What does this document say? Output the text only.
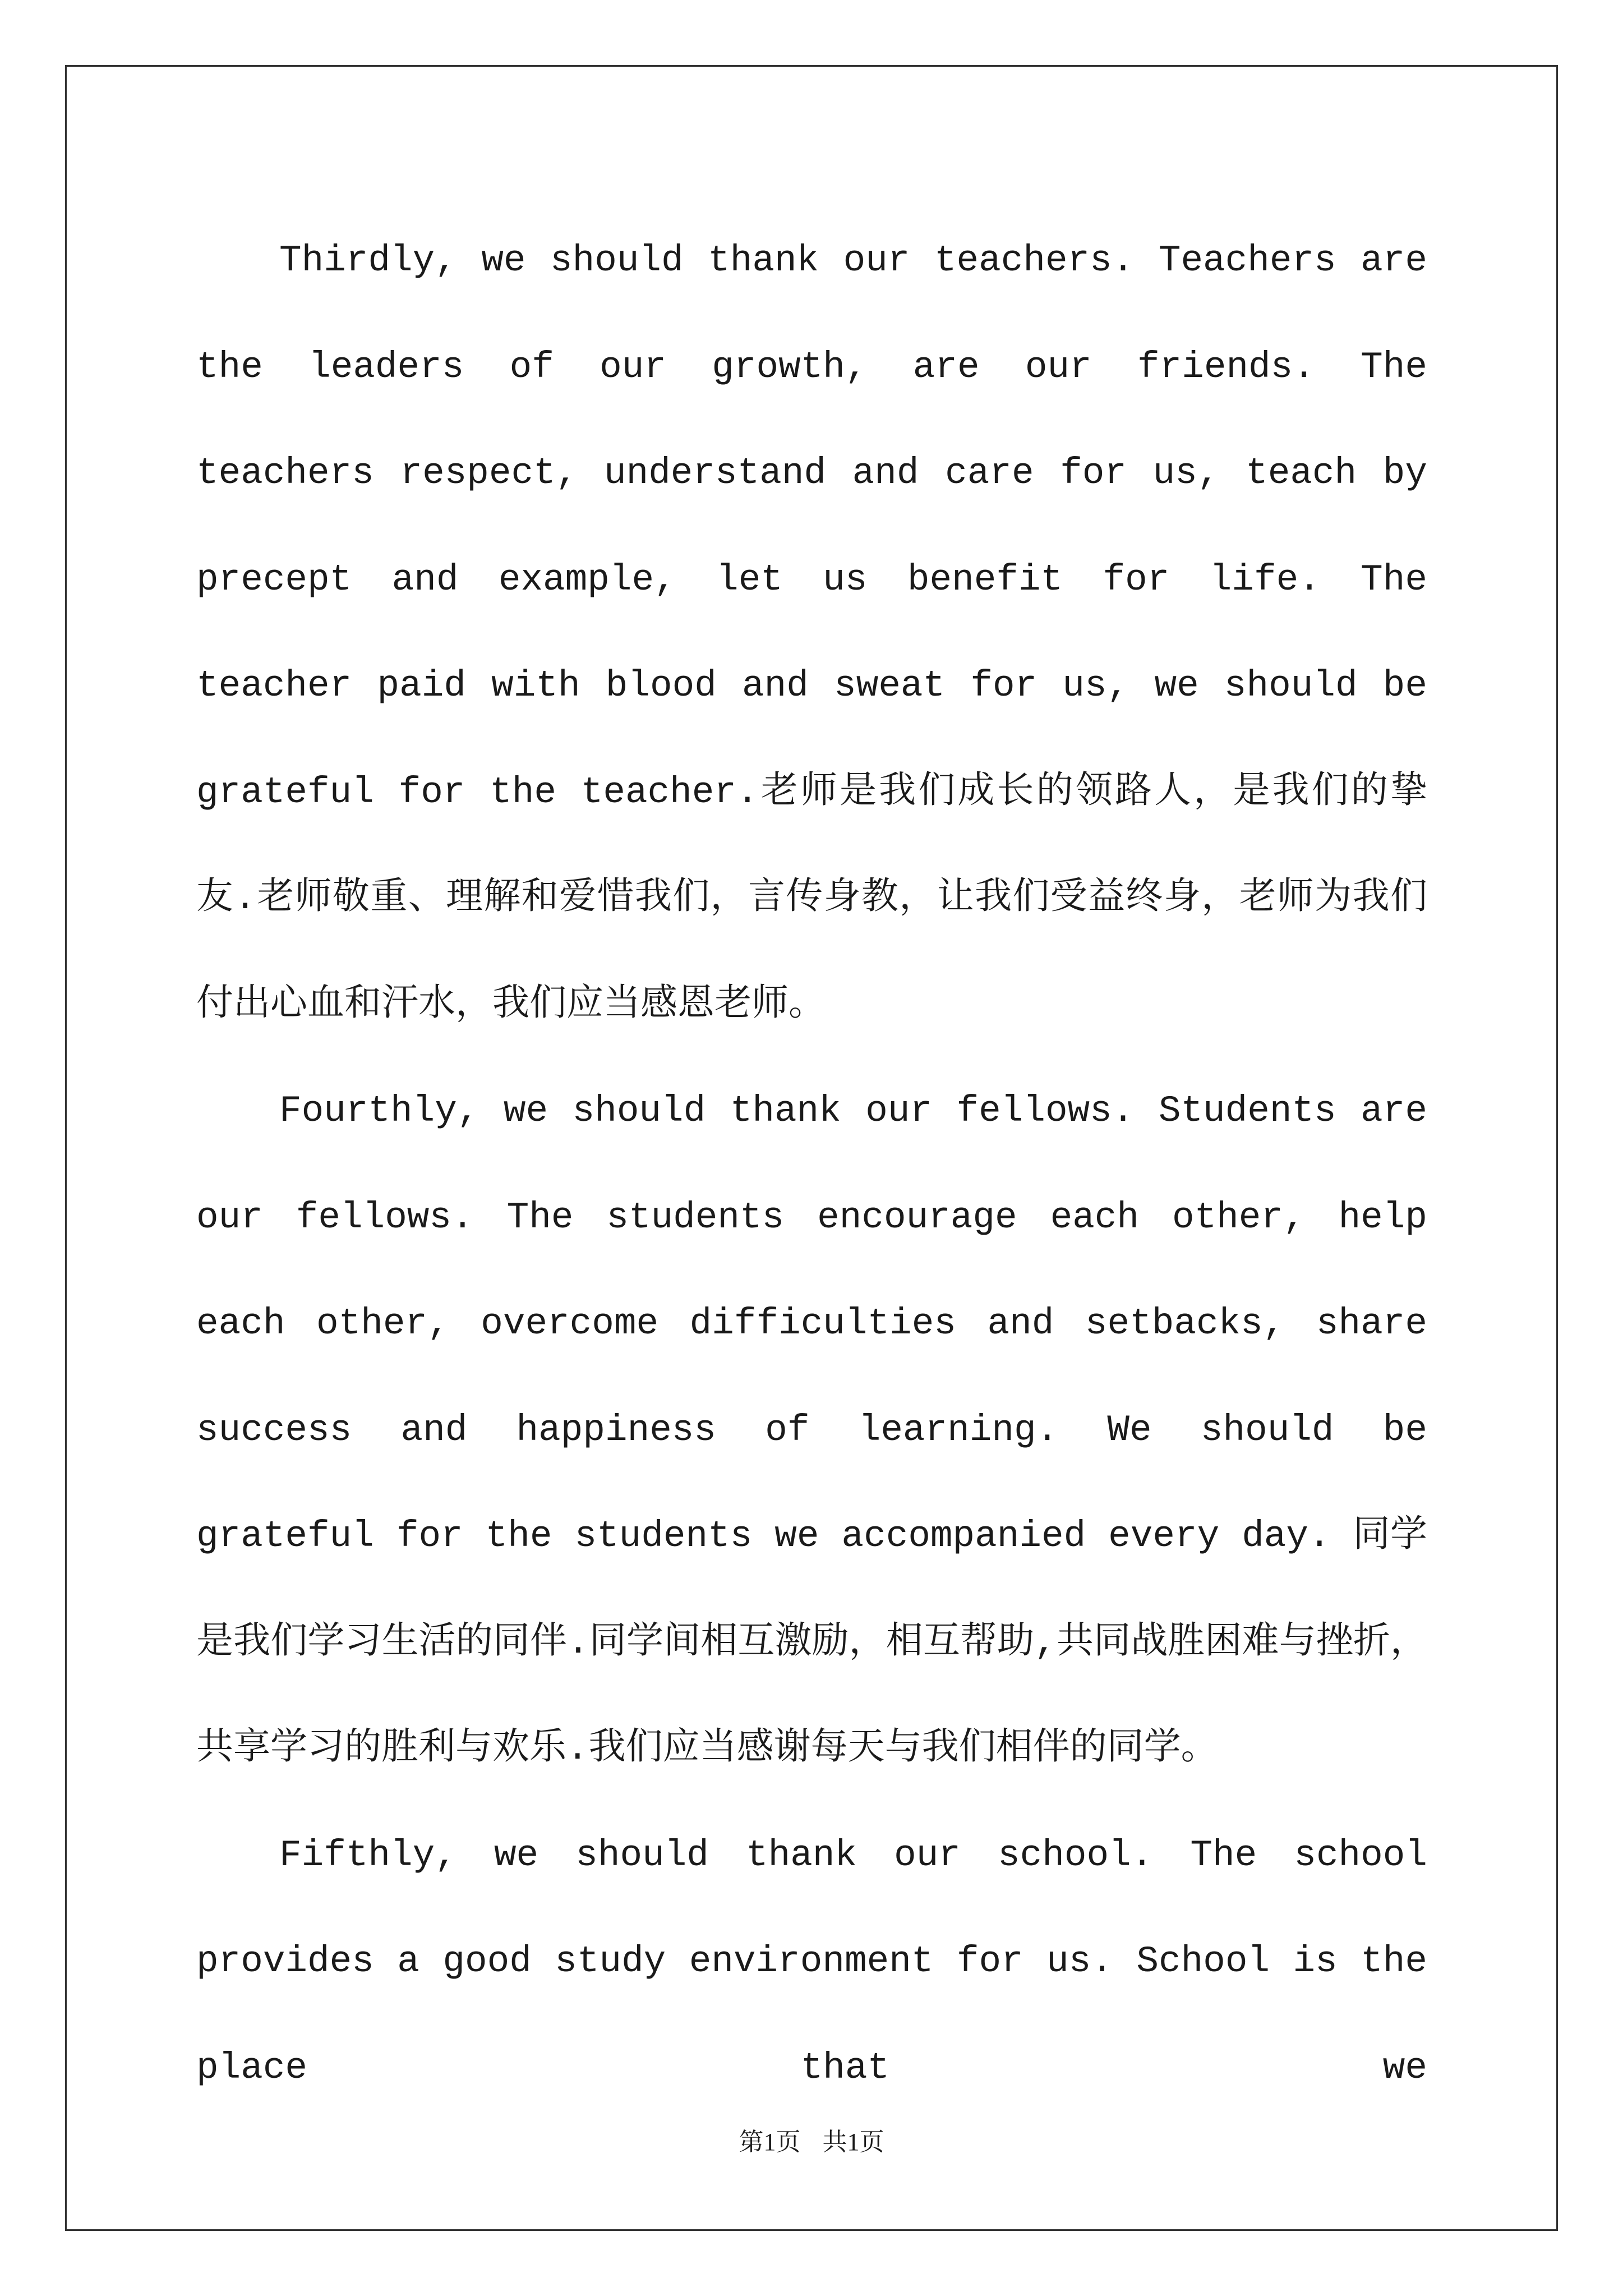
Thirdly, we should thank our teachers. Teachers are the leaders of our growth, are our friends. The teachers respect, understand and care for us, teach by precept and example, let us benefit for life. The teacher paid with blood and sweat for us, we should be grateful for the teacher.老师是我们成长的领路人，是我们的挚友.老师敬重、理解和爱惜我们，言传身教，让我们受益终身，老师为我们付出心血和汗水，我们应当感恩老师。

Fourthly, we should thank our fellows. Students are our fellows. The students encourage each other, help each other, overcome difficulties and setbacks, share success and happiness of learning. We should be grateful for the students we accompanied every day. 同学是我们学习生活的同伴.同学间相互激励，相互帮助,共同战胜困难与挫折，共享学习的胜利与欢乐.我们应当感谢每天与我们相伴的同学。

Fifthly, we should thank our school. The school provides a good study environment for us. School is the place that we

第1页 共1页
